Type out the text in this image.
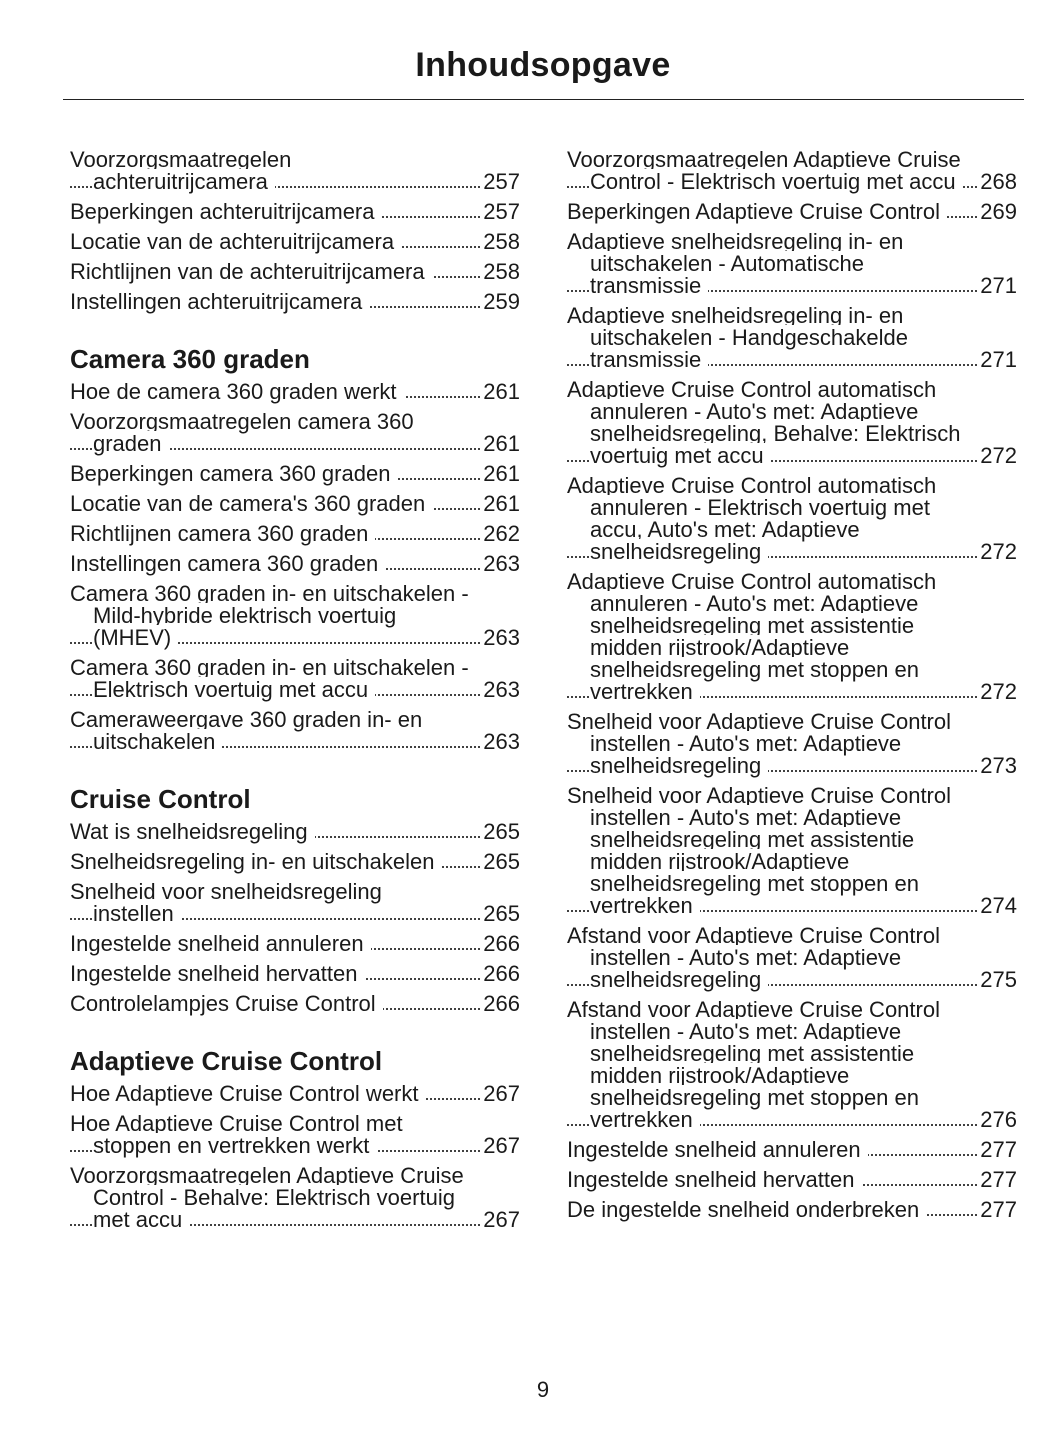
Inhoudsopgave
Voorzorgsmaatregelen achteruitrijcamera	257
Beperkingen achteruitrijcamera	257
Locatie van de achteruitrijcamera	258
Richtlijnen van de achteruitrijcamera	258
Instellingen achteruitrijcamera	259
Camera 360 graden
Hoe de camera 360 graden werkt	261
Voorzorgsmaatregelen camera 360 graden	261
Beperkingen camera 360 graden	261
Locatie van de camera's 360 graden	261
Richtlijnen camera 360 graden	262
Instellingen camera 360 graden	263
Camera 360 graden in- en uitschakelen - Mild-hybride elektrisch voertuig (MHEV)	263
Camera 360 graden in- en uitschakelen - Elektrisch voertuig met accu	263
Cameraweergave 360 graden in- en uitschakelen	263
Cruise Control
Wat is snelheidsregeling	265
Snelheidsregeling in- en uitschakelen 265
Snelheid voor snelheidsregeling instellen	265
Ingestelde snelheid annuleren	266
Ingestelde snelheid hervatten	266
Controlelampjes Cruise Control	266
Adaptieve Cruise Control
Hoe Adaptieve Cruise Control werkt	267
Hoe Adaptieve Cruise Control met stoppen en vertrekken werkt	267
Voorzorgsmaatregelen Adaptieve Cruise Control - Behalve: Elektrisch voertuig met accu	267
Voorzorgsmaatregelen Adaptieve Cruise Control - Elektrisch voertuig met accu 268
Beperkingen Adaptieve Cruise Control 269
Adaptieve snelheidsregeling in- en uitschakelen - Automatische transmissie	271
Adaptieve snelheidsregeling in- en uitschakelen - Handgeschakelde transmissie	271
Adaptieve Cruise Control automatisch annuleren - Auto's met: Adaptieve snelheidsregeling, Behalve: Elektrisch voertuig met accu	272
Adaptieve Cruise Control automatisch annuleren - Elektrisch voertuig met accu, Auto's met: Adaptieve snelheidsregeling	272
Adaptieve Cruise Control automatisch annuleren - Auto's met: Adaptieve snelheidsregeling met assistentie midden rijstrook/Adaptieve snelheidsregeling met stoppen en vertrekken	272
Snelheid voor Adaptieve Cruise Control instellen - Auto's met: Adaptieve snelheidsregeling	273
Snelheid voor Adaptieve Cruise Control instellen - Auto's met: Adaptieve snelheidsregeling met assistentie midden rijstrook/Adaptieve snelheidsregeling met stoppen en vertrekken	274
Afstand voor Adaptieve Cruise Control instellen - Auto's met: Adaptieve snelheidsregeling	275
Afstand voor Adaptieve Cruise Control instellen - Auto's met: Adaptieve snelheidsregeling met assistentie midden rijstrook/Adaptieve snelheidsregeling met stoppen en vertrekken	276
Ingestelde snelheid annuleren	277
Ingestelde snelheid hervatten	277
De ingestelde snelheid onderbreken	277
9
